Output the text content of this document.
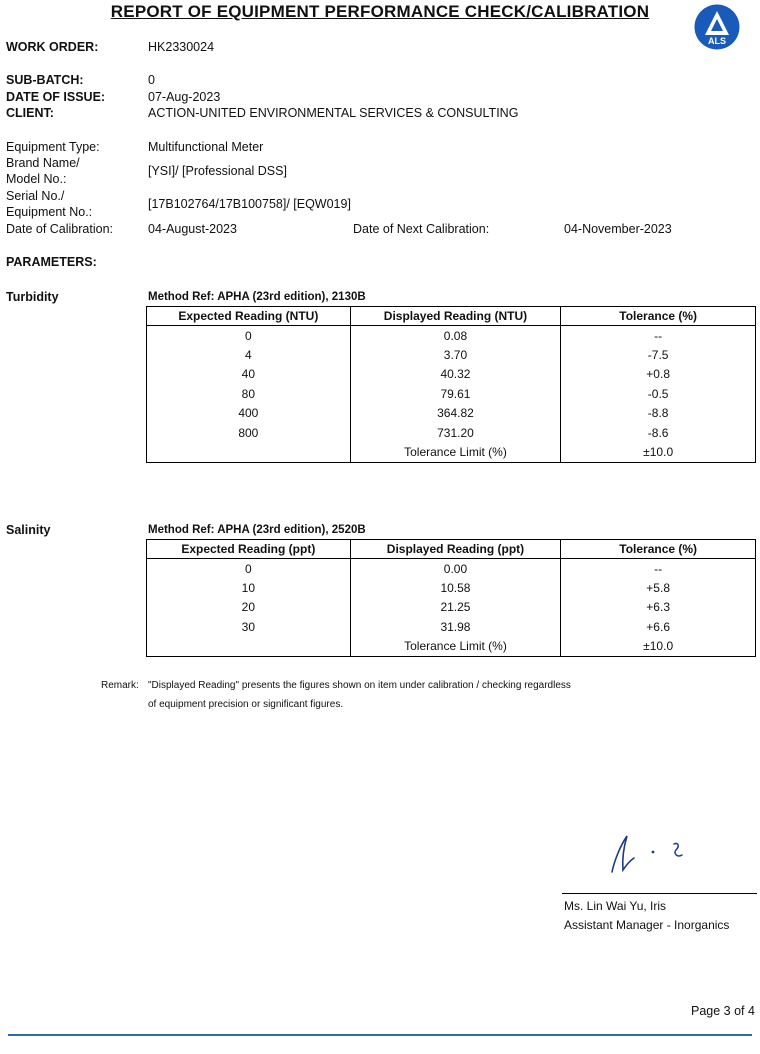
REPORT OF EQUIPMENT PERFORMANCE CHECK/CALIBRATION
ALS
WORK ORDER:	HK2330024
SUB-BATCH:	0
DATE OF ISSUE:	07-Aug-2023
CLIENT:	ACTION-UNITED ENVIRONMENTAL SERVICES & CONSULTING
Equipment Type:	Multifunctional Meter
Brand Name/
Model No.:
[YSI]/ [Professional DSS]
Serial No./
Equipment No.:
[17B102764/17B100758]/ [EQW019]
Date of Calibration:	04-August-2023	Date of Next Calibration:	04-November-2023
PARAMETERS:
Turbidity	Method Ref: APHA (23rd edition), 2130B
Expected Reading (NTU)	Displayed Reading (NTU)	Tolerance (%)
0	0.08	--
4	3.70	-7.5
40	40.32	+0.8
80	79.61	-0.5
400	364.82	-8.8
800	731.20	-8.6
	Tolerance Limit (%)	±10.0
Salinity	Method Ref: APHA (23rd edition), 2520B
Expected Reading (ppt)	Displayed Reading (ppt)	Tolerance (%)
0	0.00	--
10	10.58	+5.8
20	21.25	+6.3
30	31.98	+6.6
	Tolerance Limit (%)	±10.0
Remark: "Displayed Reading" presents the figures shown on item under calibration / checking regardless
of equipment precision or significant figures.
Ms. Lin Wai Yu, Iris
Assistant Manager - Inorganics
Page 3 of 4
